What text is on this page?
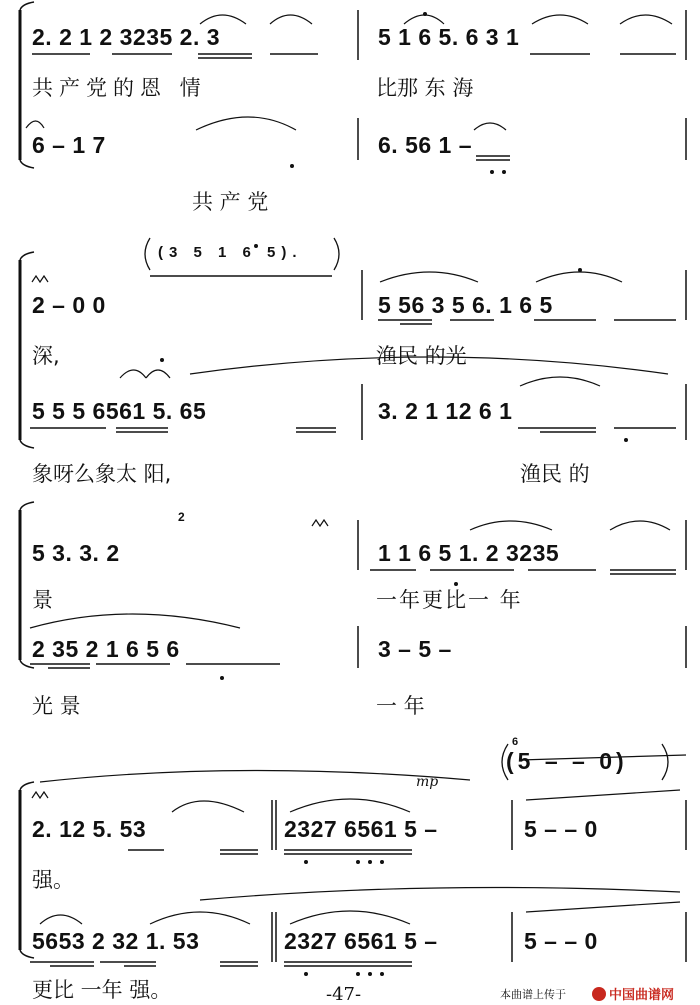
2. 2 1 2 3235 2. 3	5 1 6 5. 6 3 1
共产党的恩 情	比那 东 海
6 – 1 7	6. 56 1 –
共 产 党
(3 5 1 6 5).
2 – 0 0	5 56 3 5 6. 1 6 5
深,	渔民 的光
5 5 5 6561 5. 65	3. 2 1 12 6 1
象呀么象太 阳,	渔民 的
2
5 3. 3. 2	1 1 6 5 1. 2 3235
景	一年更比一 年
2 35 2 1 6 5 6	3 – 5 –
光 景	一 年
6
(5 – – 0)
mp
2. 12 5. 53	2327 6561 5 –	5 – – 0
强。
5653 2 32 1. 53	2327 6561 5 –	5 – – 0
更比 一年 强。	-47-	本曲谱上传于	中国曲谱网
